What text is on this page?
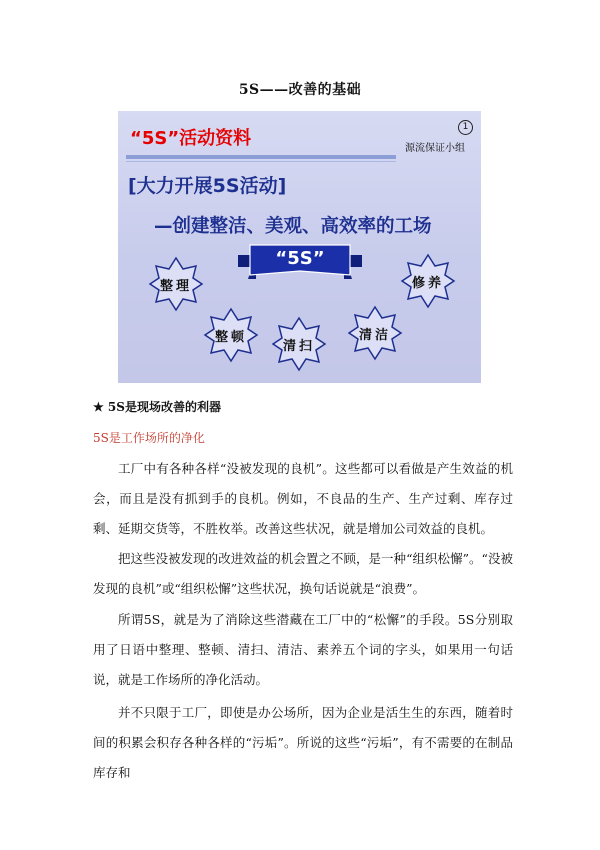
5S——改善的基础
“5S”活动资料
1
源流保证小组
[大力开展5S活动]
—创建整洁、美观、高效率的工场
“5S”
整理
整顿
清扫
清洁
修养
★ 5S是现场改善的利器
5S是工作场所的净化

工厂中有各种各样“没被发现的良机”。这些都可以看做是产生效益的机会，而且是没有抓到手的良机。例如，不良品的生产、生产过剩、库存过剩、延期交货等，不胜枚举。改善这些状况，就是增加公司效益的良机。

把这些没被发现的改进效益的机会置之不顾，是一种“组织松懈”。“没被发现的良机”或“组织松懈”这些状况，换句话说就是“浪费”。

所谓5S，就是为了消除这些潜藏在工厂中的“松懈”的手段。5S分别取用了日语中整理、整顿、清扫、清洁、素养五个词的字头，如果用一句话说，就是工作场所的净化活动。

并不只限于工厂，即使是办公场所，因为企业是活生生的东西，随着时间的积累会积存各种各样的“污垢”。所说的这些“污垢”，有不需要的在制品库存和
